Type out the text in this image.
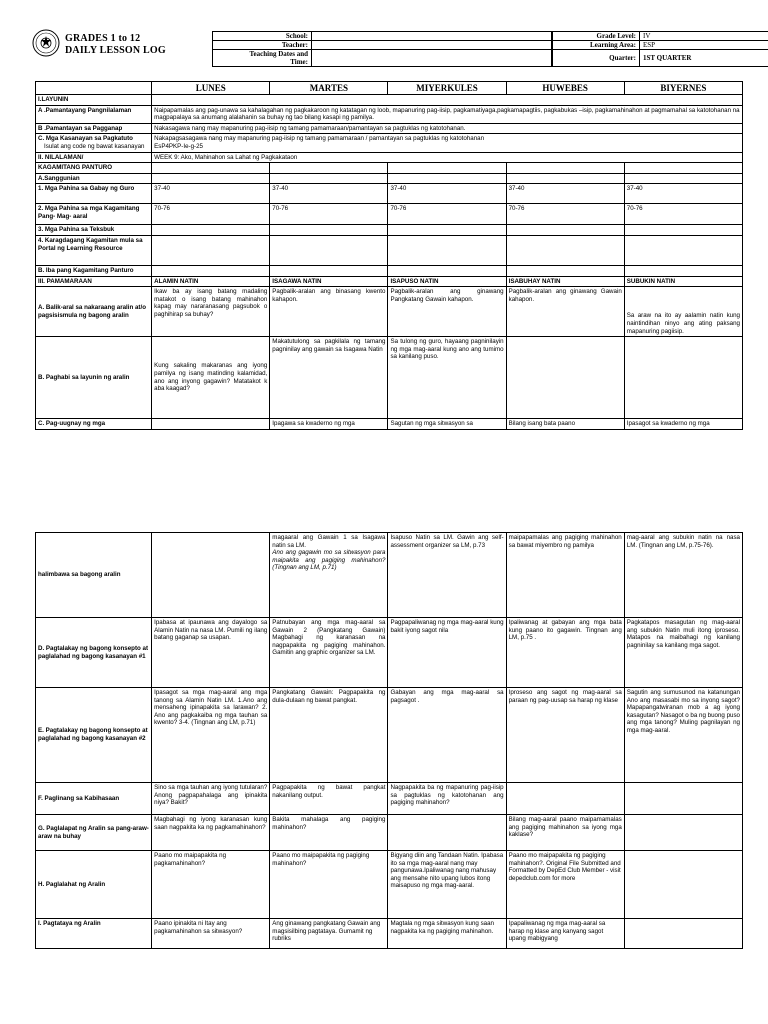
GRADES 1 to 12
DAILY LESSON LOG
School:	
Teacher:	
Teaching Dates and	
Time:	
Grade Level:	IV
Learning Area:	ESP
Quarter:	1ST QUARTER
	LUNES	MARTES	MIYERKULES	HUWEBES	BIYERNES
I.LAYUNIN					
A .Pamantayang Pangnilalaman	Naipapamalas ang pag-unawa sa kahalagahan ng pagkakaroon ng katatagan ng loob, mapanuring pag-iisip, pagkamatiyaga,pagkamapagtiis, pagkabukas –isip, pagkamahinahon at pagmamahal sa katotohanan na magpapalaya sa anumang alalahanin sa buhay ng tao bilang kasapi ng pamilya.				
B .Pamantayan sa Pagganap	Nakasagawa nang may mapanuring pag-iisip ng tamang pamamaraan/pamantayan sa pagtuklas ng katotohanan.				

C. Mga Kasanayan sa Pagkatuto
Isulat ang code ng bawat kasanayan	Nakapagsasagawa nang may mapanuring pag-iisip ng tamang pamamaraan / pamantayan sa pagtuklas ng katotohanan
EsP4PKP-Ie-g-25				

II. NILALAMAN/	WEEK 9: Ako, Mahinahon sa Lahat ng Pagkakataon				
KAGAMITANG PANTURO					
A.Sanggunian					
1. Mga Pahina sa Gabay ng Guro	37-40	37-40	37-40	37-40	37-40
2. Mga Pahina sa mga Kagamitang Pang- Mag- aaral	70-76	70-76	70-76	70-76	70-76
3. Mga Pahina sa Teksbuk					
4. Karagdagang Kagamitan mula sa Portal ng Learning Resource					
B. Iba pang Kagamitang Panturo					
III. PAMAMARAAN	ALAMIN NATIN	ISAGAWA NATIN	ISAPUSO NATIN	ISABUHAY NATIN	SUBUKIN NATIN
A. Balik-aral sa nakaraang aralin at/o pagsisismula ng bagong aralin	Ikaw ba ay isang batang madaling matakot o isang batang mahinahon kapag may nararanasang pagsubok o paghihirap sa buhay?	Pagbalik-aralan ang binasang kwento kahapon.	Pagbalik-aralan ang ginawang Pangkatang Gawain kahapon.	Pagbalik-aralan ang ginawang Gawain kahapon.	Sa araw na ito ay aalamin natin kung naintindihan ninyo ang ating paksang mapanuring pagiisip.
B. Paghabi sa layunin ng aralin	Kung sakaling makaranas ang iyong pamilya ng isang matinding kalamidad, ano ang inyong gagawin? Matatakot k aba kaagad?	Makatutulong sa pagkilala ng tamang pagninilay ang gawain sa Isagawa Natin	Sa tulong ng guro, hayaang pagninilayin ng mga mag-aaral kung ano ang tumimo sa kanilang puso.		
C. Pag-uugnay ng mga		Ipagawa sa kwaderno ng mga	Sagutan ng mga sitwasyon sa	Bilang isang bata paano	Ipasagot sa kwaderno ng mga
halimbawa sa bagong aralin		magaaral ang Gawain 1 sa Isagawa natin sa LM.
Ano ang gagawin mo sa sitwasyon para maipakita ang pagiging mahinahon? (Tingnan ang LM, p.71)	Isapuso Natin sa LM. Gawin ang self-assessment organizer sa LM, p.73	maipapamalas ang pagiging mahinahon sa bawat miyembro ng pamilya	mag-aaral ang subukin natin na nasa LM. (Tingnan ang LM, p.75-76).
D. Pagtalakay ng bagong konsepto at paglalahad ng bagong kasanayan #1	Ipabasa at ipaunawa ang dayalogo sa Alamin Natin na nasa LM. Pumili ng ilang batang gaganap sa usapan.	Patnubayan ang mga mag-aaral sa Gawain 2 (Pangkatang Gawain) Magbahagi ng karanasan na nagpapakita ng pagiging mahinahon. Gamitin ang graphic organizer sa LM.	Pagpapaliwanag ng mga mag-aaral kung bakit iyong sagot nila	Ipaliwanag at gabayan ang mga bata kung paano ito gagawin. Tingnan ang LM, p.75 .	Pagkatapos masagutan ng mag-aaral ang subukin Natin muli itong iproseso. Matapos na maibahagi ng kanilang pagninilay sa kanilang mga sagot.
E. Pagtalakay ng bagong konsepto at paglalahad ng bagong kasanayan #2	Ipasagot sa mga mag-aaral ang mga tanong sa Alamin Natin LM. 1.Ano ang mensaheng ipinapakita sa larawan? 2. Ano ang pagkakaiba ng mga tauhan sa kwento? 3-4. (Tingnan ang LM, p.71)	Pangkatang Gawain: Pagpapakita ng dula-dulaan ng bawat pangkat.	Gabayan ang mga mag-aaral sa pagsagot .	Iproseso ang sagot ng mag-aaral sa paraan ng pag-uusap sa harap ng klase	Sagutin ang sumusunod na katanungan Ano ang masasabi mo sa inyong sagot? Mapapangatwiranan mob a ag iyong kasagutan? Nasagot o ba ng buong puso ang mga tanong? Muling pagnilayan ng mga mag-aaral.
F. Paglinang sa Kabihasaan	Sino sa mga tauhan ang iyong tutularan? Anong pagpapahalaga ang ipinakita niya? Bakit?	Pagpapakita ng bawat pangkat nakanilang output.	Nagpapakita ba ng mapanuring pag-iisip sa pagtuklas ng katotohanan ang pagiging mahinahon?		
G. Paglalapat ng Aralin sa pang-araw-araw na buhay	Magbahagi ng iyong karanasan kung saan nagpakita ka ng pagkamahinahon?	Bakita mahalaga ang pagiging mahinahon?		Bilang mag-aaral paano maipamamalas ang pagiging mahinahon sa iyong mga kaklase?	
H. Paglalahat ng Aralin	Paano mo maipapakita ng pagkamahinahon?	Paano mo maipapakita ng pagiging mahinahon?	Bigyang diin ang Tandaan Natin. Ipabasa ito sa mga mag-aaral nang may pangunawa.Ipaliwanag nang mahusay ang mensahe nito upang lubos itong maisapuso ng mga mag-aaral.	Paano mo maipapakita ng pagiging mahinahon?. Original File Submitted and Formatted by DepEd Club Member - visit depedclub.com for more	
I. Pagtataya ng Aralin	Paano ipinakita ni Itay ang pagkamahinahon sa sitwasyon?	Ang ginawang pangkatang Gawain ang magsisilbing pagtataya. Gumamit ng rubriks	Magtala ng mga sitwasyon kung saan nagpakita ka ng pagiging mahinahon.	Ipapaliwanag ng mga mag-aaral sa harap ng klase ang kanyang sagot upang mabigyang	
